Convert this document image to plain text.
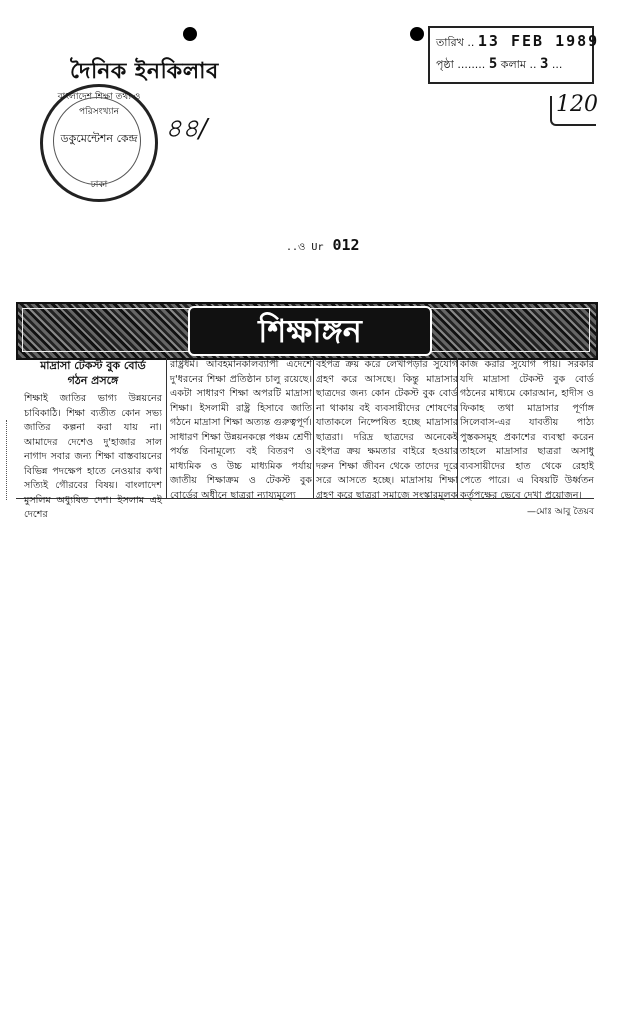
দৈনিক ইনকিলাব
বাংলাদেশ শিক্ষা তথ্য ও পরিসংখ্যান
ডকুমেন্টেশন কেন্দ্র
ঢাকা
৪৪/
তারিখ .. 13 FEB 1989
পৃষ্ঠা ........ 5 কলাম .. 3 ...
120
..ও Ur 012
শিক্ষাঙ্গন
মাদ্রাসা টেকস্ট বুক বোর্ড
গঠন প্রসঙ্গে

শিক্ষাই জাতির ভাগ্য উন্নয়নের চাবিকাঠি। শিক্ষা ব্যতীত কোন সভ্য জাতির কল্পনা করা যায় না। আমাদের দেশেও দু'হাজার সাল নাগাদ সবার জন্য শিক্ষা বাস্তবায়নের বিভিন্ন পদক্ষেপ হাতে নেওয়ার কথা সত্যিই গৌরবের বিষয়। বাংলাদেশ মুসলিম অধ্যুষিত দেশ। ইসলাম এই দেশের

রাষ্ট্রধর্ম। আবহমানকালব্যাপী এদেশে দু'ধরনের শিক্ষা প্রতিষ্ঠান চালু রয়েছে। একটা সাধারণ শিক্ষা অপরটি মাদ্রাসা শিক্ষা। ইসলামী রাষ্ট্র হিসাবে জাতি গঠনে মাদ্রাসা শিক্ষা অত্যন্ত গুরুত্বপূর্ণ। সাধারণ শিক্ষা উন্নয়নকল্পে পঞ্চম শ্রেণী পর্যন্ত বিনামূল্যে বই বিতরণ ও মাধ্যমিক ও উচ্চ মাধ্যমিক পর্যায় জাতীয় শিক্ষাক্রম ও টেকস্ট বুক বোর্ডের অধীনে ছাত্ররা ন্যায্যমূল্যে

বইপত্র ক্রয় করে লেখাপড়ার সুযোগ গ্রহণ করে আসছে। কিন্তু মাদ্রাসার ছাত্রদের জন্য কোন টেকস্ট বুক বোর্ড না থাকায় বই ব্যবসায়ীদের শোষণের যাতাকলে নিষ্পেষিত হচ্ছে মাদ্রাসার ছাত্ররা। দরিদ্র ছাত্রদের অনেকেই বইপত্র ক্রয় ক্ষমতার বাইরে হওয়ার দরুন শিক্ষা জীবন থেকে তাদের দূরে সরে আসতে হচ্ছে। মাদ্রাসায় শিক্ষা গ্রহণ করে ছাত্ররা সমাজে সংস্কারমূলক

কাজ করার সুযোগ পায়। সরকার যদি মাদ্রাসা টেকস্ট বুক বোর্ড গঠনের মাধ্যমে কোরআন, হাদীস ও ফিকাহ তথা মাদ্রাসার পূর্ণাঙ্গ সিলেবাস-এর যাবতীয় পাঠ্য পুস্তকসমূহ প্রকাশের ব্যবস্থা করেন তাহলে মাদ্রাসার ছাত্ররা অসাধু ব্যবসায়ীদের হাত থেকে রেহাই পেতে পারে। এ বিষয়টি উর্ধ্বতন কর্তৃপক্ষের ভেবে দেখা প্রয়োজন।

—মোঃ আবু তৈয়ব
